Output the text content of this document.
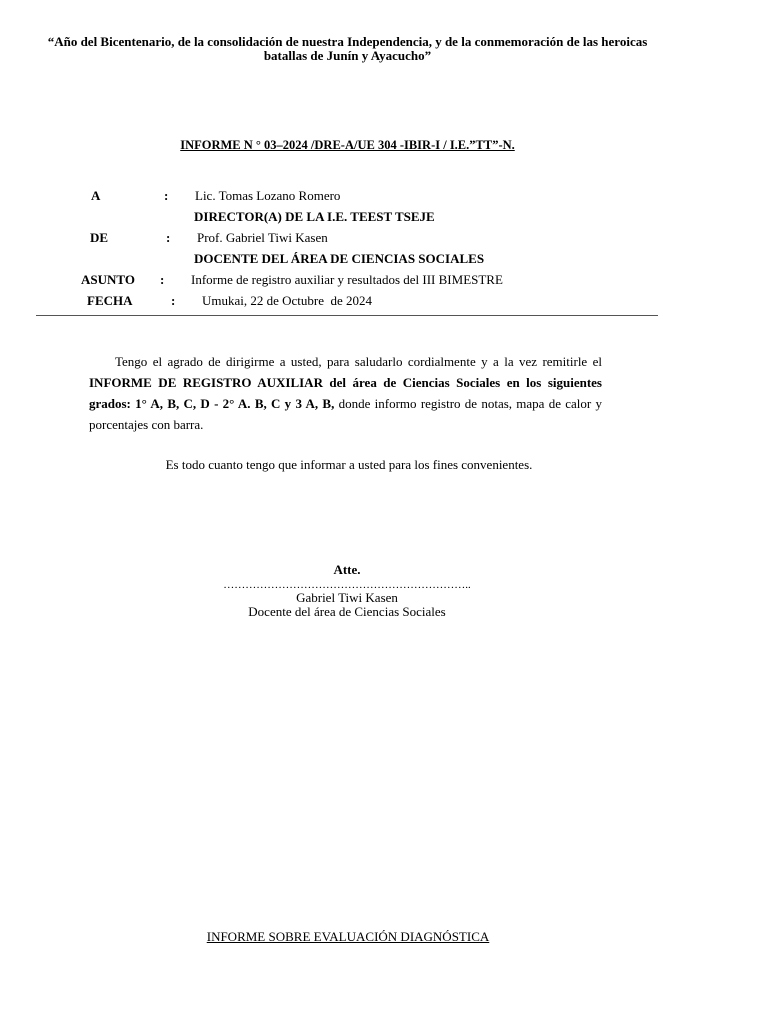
“Año del Bicentenario, de la consolidación de nuestra Independencia, y de la conmemoración de las heroicas
batallas de Junín y Ayacucho”
INFORME N ° 03–2024 /DRE-A/UE 304 -IBIR-I / I.E.”TT”-N.
A	: Lic. Tomas Lozano Romero
DIRECTOR(A) DE LA I.E. TEEST TSEJE
DE	: Prof. Gabriel Tiwi Kasen
DOCENTE DEL ÁREA DE CIENCIAS SOCIALES
ASUNTO : Informe de registro auxiliar y resultados del III BIMESTRE
FECHA	: Umukai, 22 de Octubre  de 2024
Tengo el agrado de dirigirme a usted, para saludarlo cordialmente y a la vez remitirle el INFORME DE REGISTRO AUXILIAR del área de Ciencias Sociales en los siguientes grados: 1° A, B, C, D - 2° A. B, C y 3 A, B, donde informo registro de notas, mapa de calor y porcentajes con barra.
Es todo cuanto tengo que informar a usted para los fines convenientes.
Atte.
…………………………………………………………..
Gabriel Tiwi Kasen
Docente del área de Ciencias Sociales
INFORME SOBRE EVALUACIÓN DIAGNÓSTICA
